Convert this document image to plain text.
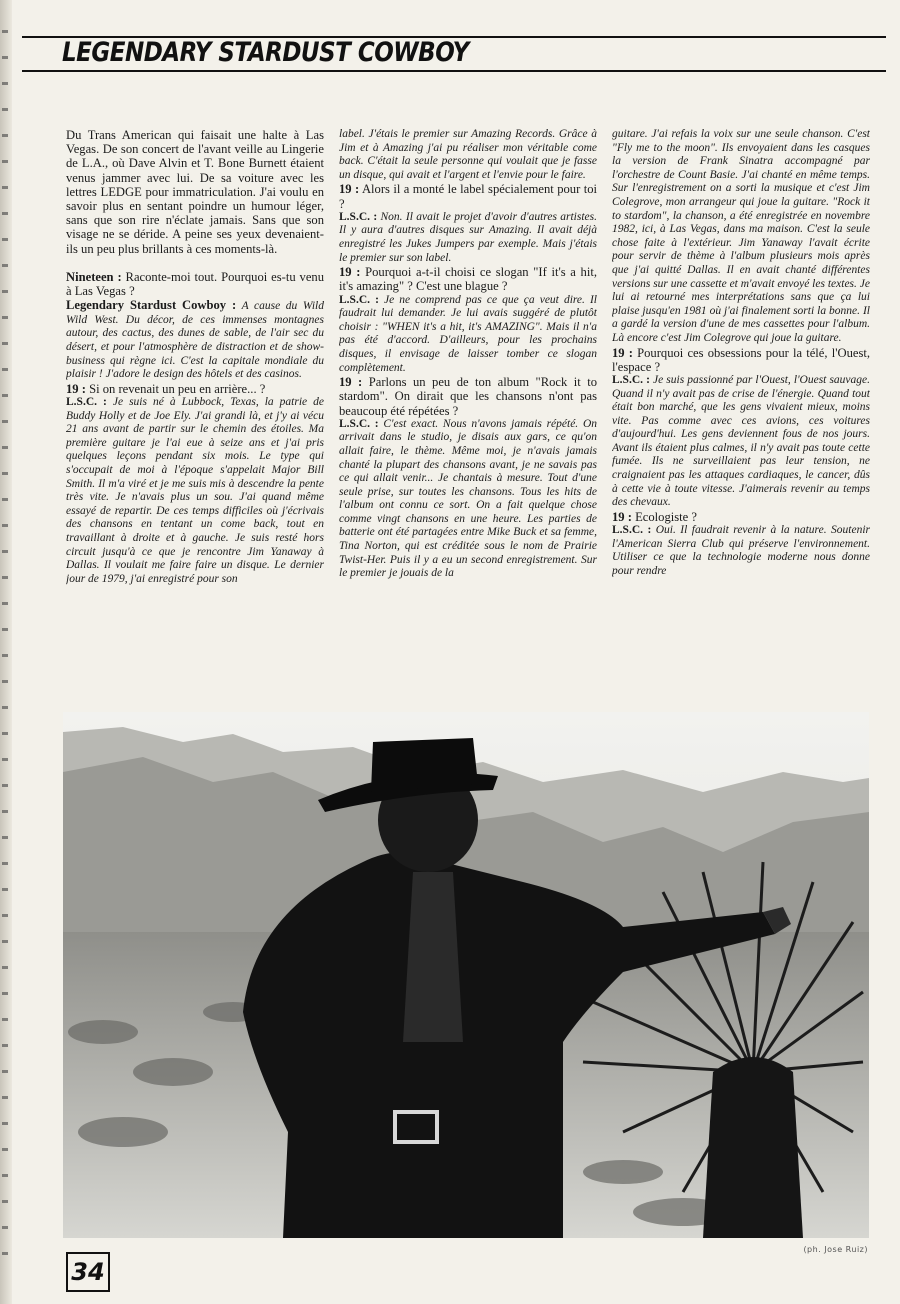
LEGENDARY STARDUST COWBOY

Du Trans American qui faisait une halte à Las Vegas. De son concert de l'avant veille au Lingerie de L.A., où Dave Alvin et T. Bone Burnett étaient venus jammer avec lui. De sa voiture avec les lettres LEDGE pour immatriculation. J'ai voulu en savoir plus en sentant poindre un humour léger, sans que son rire n'éclate jamais. Sans que son visage ne se déride. A peine ses yeux devenaient-ils un peu plus brillants à ces moments-là.

Nineteen : Raconte-moi tout. Pourquoi es-tu venu à Las Vegas ?

Legendary Stardust Cowboy : A cause du Wild Wild West. Du décor, de ces immenses montagnes autour, des cactus, des dunes de sable, de l'air sec du désert, et pour l'atmosphère de distraction et de show-business qui règne ici. C'est la capitale mondiale du plaisir ! J'adore le design des hôtels et des casinos.

19 : Si on revenait un peu en arrière... ?

L.S.C. : Je suis né à Lubbock, Texas, la patrie de Buddy Holly et de Joe Ely. J'ai grandi là, et j'y ai vécu 21 ans avant de partir sur le chemin des étoiles. Ma première guitare je l'ai eue à seize ans et j'ai pris quelques leçons pendant six mois. Le type qui s'occupait de moi à l'époque s'appelait Major Bill Smith. Il m'a viré et je me suis mis à descendre la pente très vite. Je n'avais plus un sou. J'ai quand même essayé de repartir. De ces temps difficiles où j'écrivais des chansons en tentant un come back, tout en travaillant à droite et à gauche. Je suis resté hors circuit jusqu'à ce que je rencontre Jim Yanaway à Dallas. Il voulait me faire faire un disque. Le dernier jour de 1979, j'ai enregistré pour son

label. J'étais le premier sur Amazing Records. Grâce à Jim et à Amazing j'ai pu réaliser mon véritable come back. C'était la seule personne qui voulait que je fasse un disque, qui avait et l'argent et l'envie pour le faire.

19 : Alors il a monté le label spécialement pour toi ?

L.S.C. : Non. Il avait le projet d'avoir d'autres artistes. Il y aura d'autres disques sur Amazing. Il avait déjà enregistré les Jukes Jumpers par exemple. Mais j'étais le premier sur son label.

19 : Pourquoi a-t-il choisi ce slogan "If it's a hit, it's amazing" ? C'est une blague ?

L.S.C. : Je ne comprend pas ce que ça veut dire. Il faudrait lui demander. Je lui avais suggéré de plutôt choisir : "WHEN it's a hit, it's AMAZING". Mais il n'a pas été d'accord. D'ailleurs, pour les prochains disques, il envisage de laisser tomber ce slogan complètement.

19 : Parlons un peu de ton album "Rock it to stardom". On dirait que les chansons n'ont pas beaucoup été répétées ?

L.S.C. : C'est exact. Nous n'avons jamais répété. On arrivait dans le studio, je disais aux gars, ce qu'on allait faire, le thème. Même moi, je n'avais jamais chanté la plupart des chansons avant, je ne savais pas ce qui allait venir... Je chantais à mesure. Tout d'une seule prise, sur toutes les chansons. Tous les hits de l'album ont connu ce sort. On a fait quelque chose comme vingt chansons en une heure. Les parties de batterie ont été partagées entre Mike Buck et sa femme, Tina Norton, qui est créditée sous le nom de Prairie Twist-Her. Puis il y a eu un second enregistrement. Sur le premier je jouais de la

guitare. J'ai refais la voix sur une seule chanson. C'est "Fly me to the moon". Ils envoyaient dans les casques la version de Frank Sinatra accompagné par l'orchestre de Count Basie. J'ai chanté en même temps. Sur l'enregistrement on a sorti la musique et c'est Jim Colegrove, mon arrangeur qui joue la guitare. "Rock it to stardom", la chanson, a été enregistrée en novembre 1982, ici, à Las Vegas, dans ma maison. C'est la seule chose faite à l'extérieur. Jim Yanaway l'avait écrite pour servir de thème à l'album plusieurs mois après que j'ai quitté Dallas. Il en avait chanté différentes versions sur une cassette et m'avait envoyé les textes. Je lui ai retourné mes interprétations sans que ça lui plaise jusqu'en 1981 où j'ai finalement sorti la bonne. Il a gardé la version d'une de mes cassettes pour l'album. Là encore c'est Jim Colegrove qui joue la guitare.

19 : Pourquoi ces obsessions pour la télé, l'Ouest, l'espace ?

L.S.C. : Je suis passionné par l'Ouest, l'Ouest sauvage. Quand il n'y avait pas de crise de l'énergie. Quand tout était bon marché, que les gens vivaient mieux, moins vite. Pas comme avec ces avions, ces voitures d'aujourd'hui. Les gens deviennent fous de nos jours. Avant ils étaient plus calmes, il n'y avait pas toute cette fumée. Ils ne surveillaient pas leur tension, ne craignaient pas les attaques cardiaques, le cancer, dûs à cette vie à toute vitesse. J'aimerais revenir au temps des chevaux.

19 : Ecologiste ?

L.S.C. : Oui. Il faudrait revenir à la nature. Soutenir l'American Sierra Club qui préserve l'environnement. Utiliser ce que la technologie moderne nous donne pour rendre

(ph. Jose Ruiz)
34
